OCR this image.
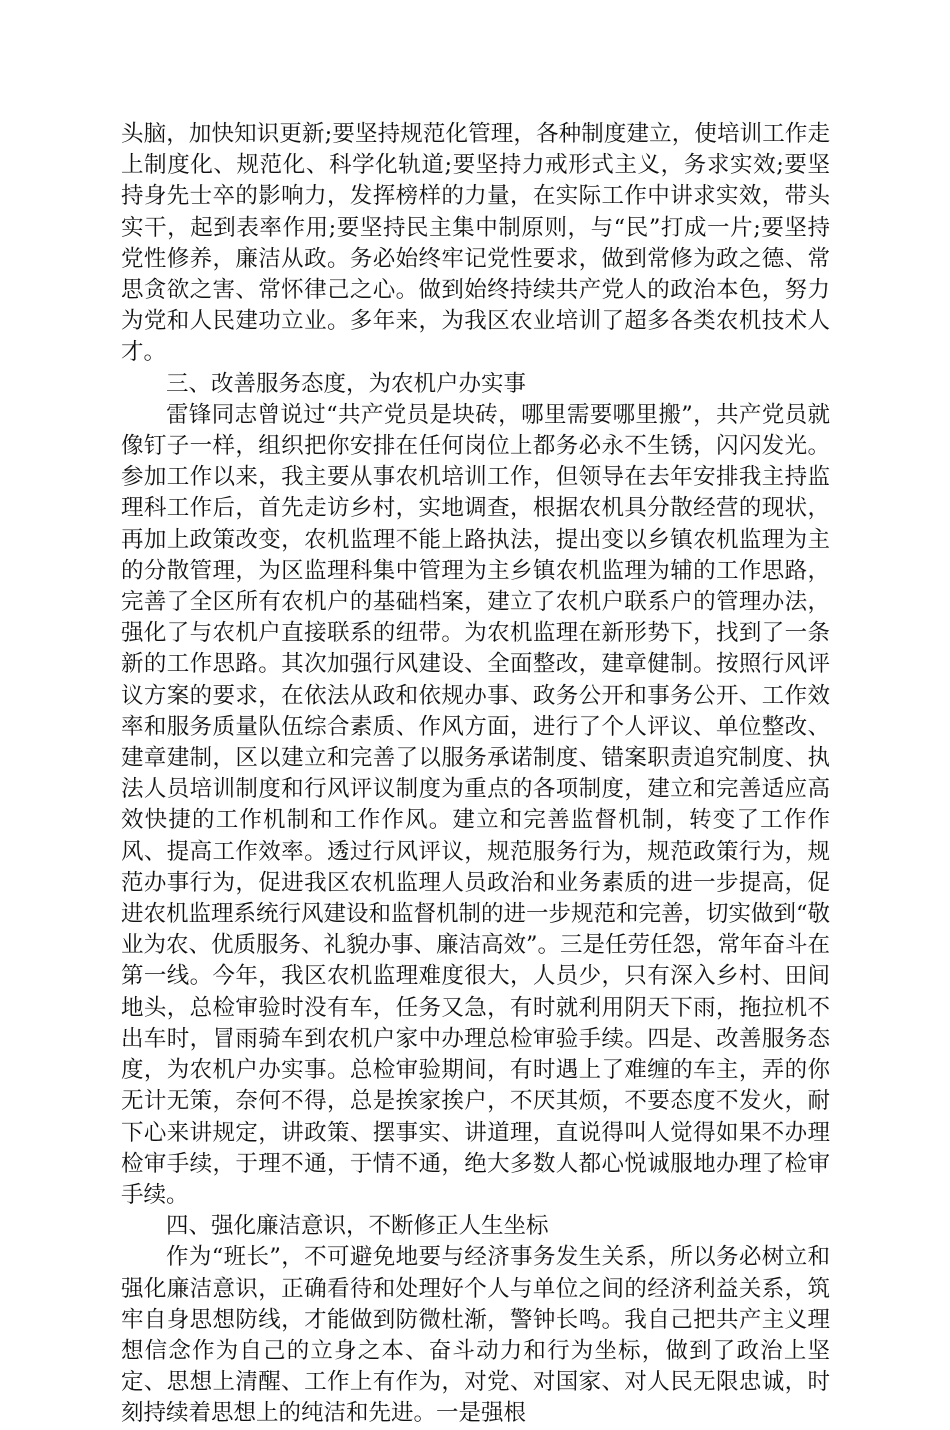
头脑，加快知识更新;要坚持规范化管理，各种制度建立，使培训工作走上制度化、规范化、科学化轨道;要坚持力戒形式主义，务求实效;要坚持身先士卒的影响力，发挥榜样的力量，在实际工作中讲求实效，带头实干，起到表率作用;要坚持民主集中制原则，与“民”打成一片;要坚持党性修养，廉洁从政。务必始终牢记党性要求，做到常修为政之德、常　思贪欲之害、常怀律己之心。做到始终持续共产党人的政治本色，努力为党和人民建功立业。多年来，为我区农业培训了超多各类农机技术人才。

三、改善服务态度，为农机户办实事

雷锋同志曾说过“共产党员是块砖，哪里需要哪里搬”，共产党员就像钉子一样，组织把你安排在任何岗位上都务必永不生锈，闪闪发光。参加工作以来，我主要从事农机培训工作，但领导在去年安排我主持监理科工作后，首先走访乡村，实地调查，根据农机具分散经营的现状，再加上政策改变，农机监理不能上路执法，提出变以乡镇农机监理为主的分散管理，为区监理科集中管理为主乡镇农机监理为辅的工作思路，完善了全区所有农机户的基础档案，建立了农机户联系户的管理办法，强化了与农机户直接联系的纽带。为农机监理在新形势下，找到了一条新的工作思路。其次加强行风建设、全面整改，建章健制。按照行风评议方案的要求，在依法从政和依规办事、政务公开和事务公开、工作效率和服务质量队伍综合素质、作风方面，进行了个人评议、单位整改、建章建制，区以建立和完善了以服务承诺制度、错案职责追究制度、执法人员培训制度和行风评议制度为重点的各项制度，建立和完善适应高效快捷的工作机制和工作作风。建立和完善监督机制，转变了工作作风、提高工作效率。透过行风评议，规范服务行为，规范政策行为，规范办事行为，促进我区农机监理人员政治和业务素质的进一步提高，促进农机监理系统行风建设和监督机制的进一步规范和完善，切实做到“敬业为农、优质服务、礼貌办事、廉洁高效”。三是任劳任怨，常年奋斗在第一线。今年，我区农机监理难度很大，人员少，只有深入乡村、田间地头，总检审验时没有车，任务又急，有时就利用阴天下雨，拖拉机不出车时，冒雨骑车到农机户家中办理总检审验手续。四是、改善服务态度，为农机户办实事。总检审验期间，有时遇上了难缠的车主，弄的你无计无策，奈何不得，总是挨家挨户，不厌其烦，不要态度不发火，耐下心来讲规定，讲政策、摆事实、讲道理，直说得叫人觉得如果不办理检审手续，于理不通，于情不通，绝大多数人都心悦诚服地办理了检审手续。

四、强化廉洁意识，不断修正人生坐标

作为“班长”，不可避免地要与经济事务发生关系，所以务必树立和强化廉洁意识，正确看待和处理好个人与单位之间的经济利益关系，筑牢自身思想防线，才能做到防微杜渐，警钟长鸣。我自己把共产主义理想信念作为自己的立身之本、奋斗动力和行为坐标，做到了政治上坚定、思想上清醒、工作上有作为，对党、对国家、对人民无限忠诚，时刻持续着思想上的纯洁和先进。一是强根
